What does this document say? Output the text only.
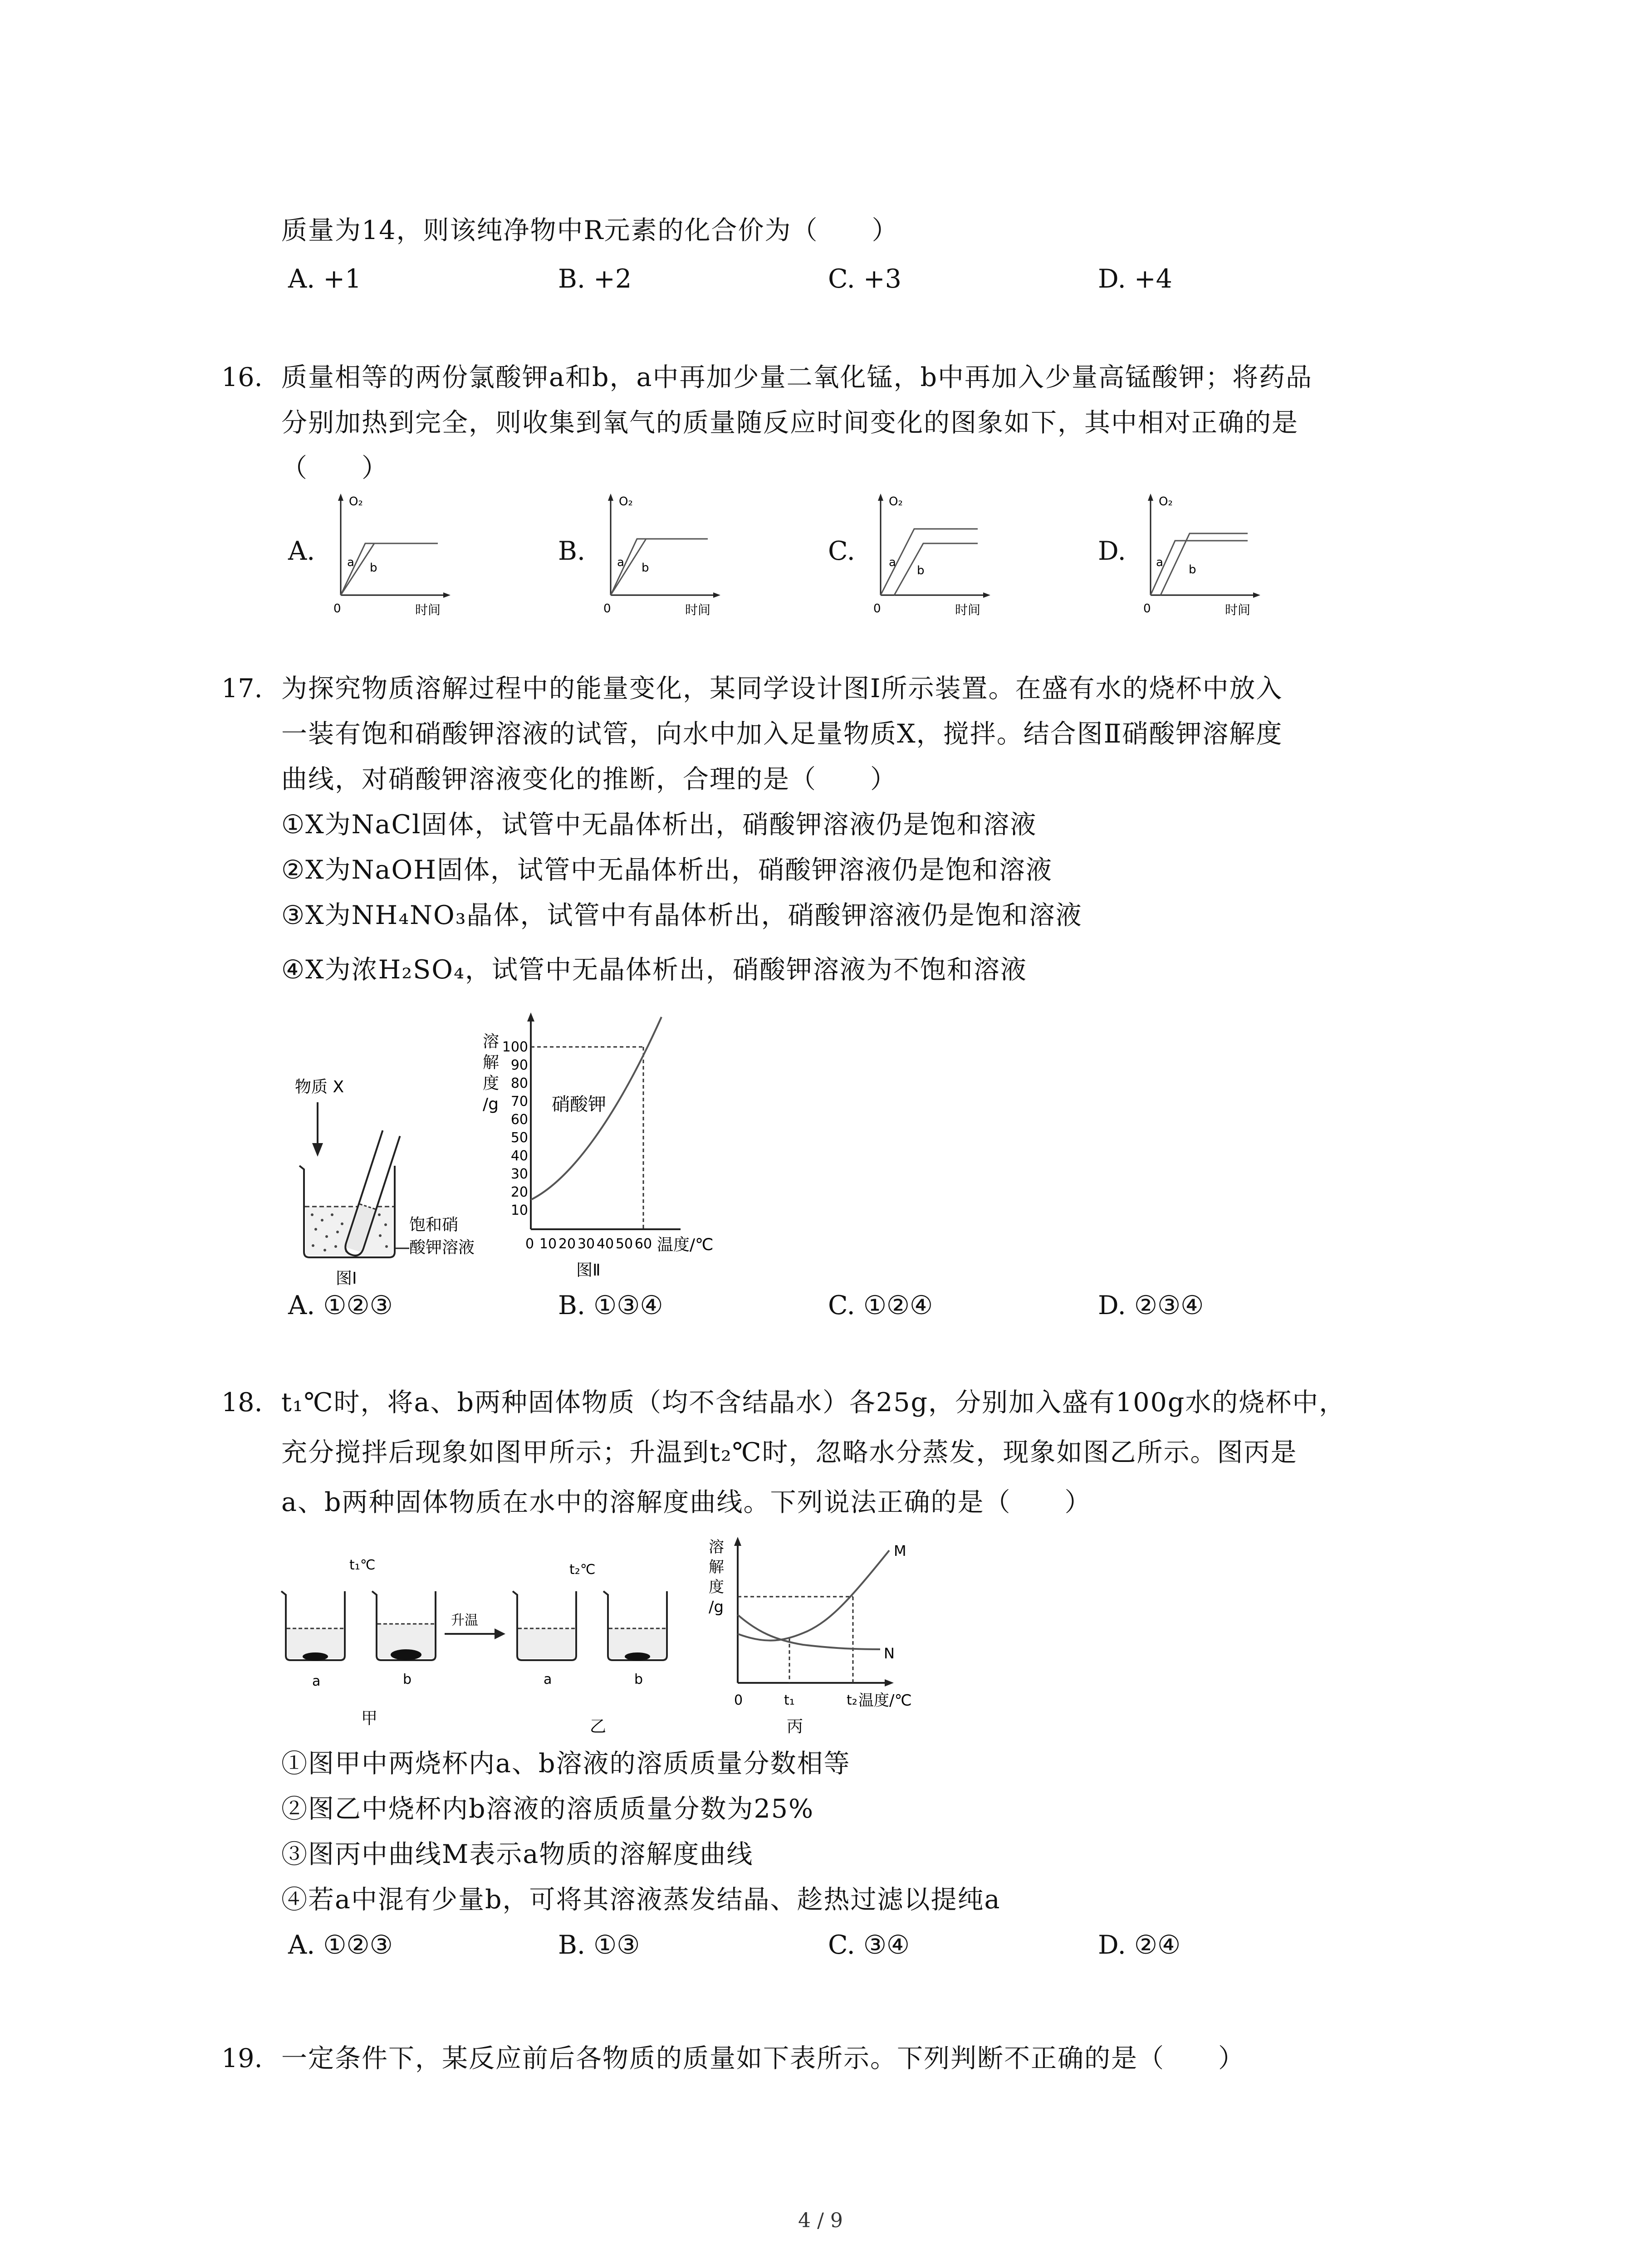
质量为14，则该纯净物中R元素的化合价为（　　）
A. +1	B. +2	C. +3	D. +4
16. 质量相等的两份氯酸钾a和b，a中再加少量二氧化锰，b中再加入少量高锰酸钾；将药品
分别加热到完全，则收集到氧气的质量随反应时间变化的图象如下，其中相对正确的是
（　　）
A.	B.	C.	D.
O₂
a b
0	时间
O₂
a b
0	时间
O₂
a
b
0	时间
O₂
a
b
0	时间
17. 为探究物质溶解过程中的能量变化，某同学设计图Ⅰ所示装置。在盛有水的烧杯中放入
一装有饱和硝酸钾溶液的试管，向水中加入足量物质X，搅拌。结合图Ⅱ硝酸钾溶解度
曲线，对硝酸钾溶液变化的推断，合理的是（　　）
①X为NaCl固体，试管中无晶体析出，硝酸钾溶液仍是饱和溶液
②X为NaOH固体，试管中无晶体析出，硝酸钾溶液仍是饱和溶液
③X为NH₄NO₃晶体，试管中有晶体析出，硝酸钾溶液仍是饱和溶液
④X为浓H₂SO₄，试管中无晶体析出，硝酸钾溶液为不饱和溶液
物质 X
饱和硝
酸钾溶液
图Ⅰ
溶
解
度
/g
100
90
80
70
60
50
40
30
20
10
0 10 20 30 40 50 60 温度/℃
硝酸钾
图Ⅱ
A. ①②③	B. ①③④	C. ①②④	D. ②③④
18. t₁℃时，将a、b两种固体物质（均不含结晶水）各25g，分别加入盛有100g水的烧杯中，
充分搅拌后现象如图甲所示；升温到t₂℃时，忽略水分蒸发，现象如图乙所示。图丙是
a、b两种固体物质在水中的溶解度曲线。下列说法正确的是（　　）
t₁℃	t₂℃
升温
a	b	a	b
甲	乙
溶
解
度
/g
M
N
0	t₁	t₂ 温度/℃
丙
①图甲中两烧杯内a、b溶液的溶质质量分数相等
②图乙中烧杯内b溶液的溶质质量分数为25%
③图丙中曲线M表示a物质的溶解度曲线
④若a中混有少量b，可将其溶液蒸发结晶、趁热过滤以提纯a
A. ①②③	B. ①③	C. ③④	D. ②④
19. 一定条件下，某反应前后各物质的质量如下表所示。下列判断不正确的是（　　）
4 / 9
